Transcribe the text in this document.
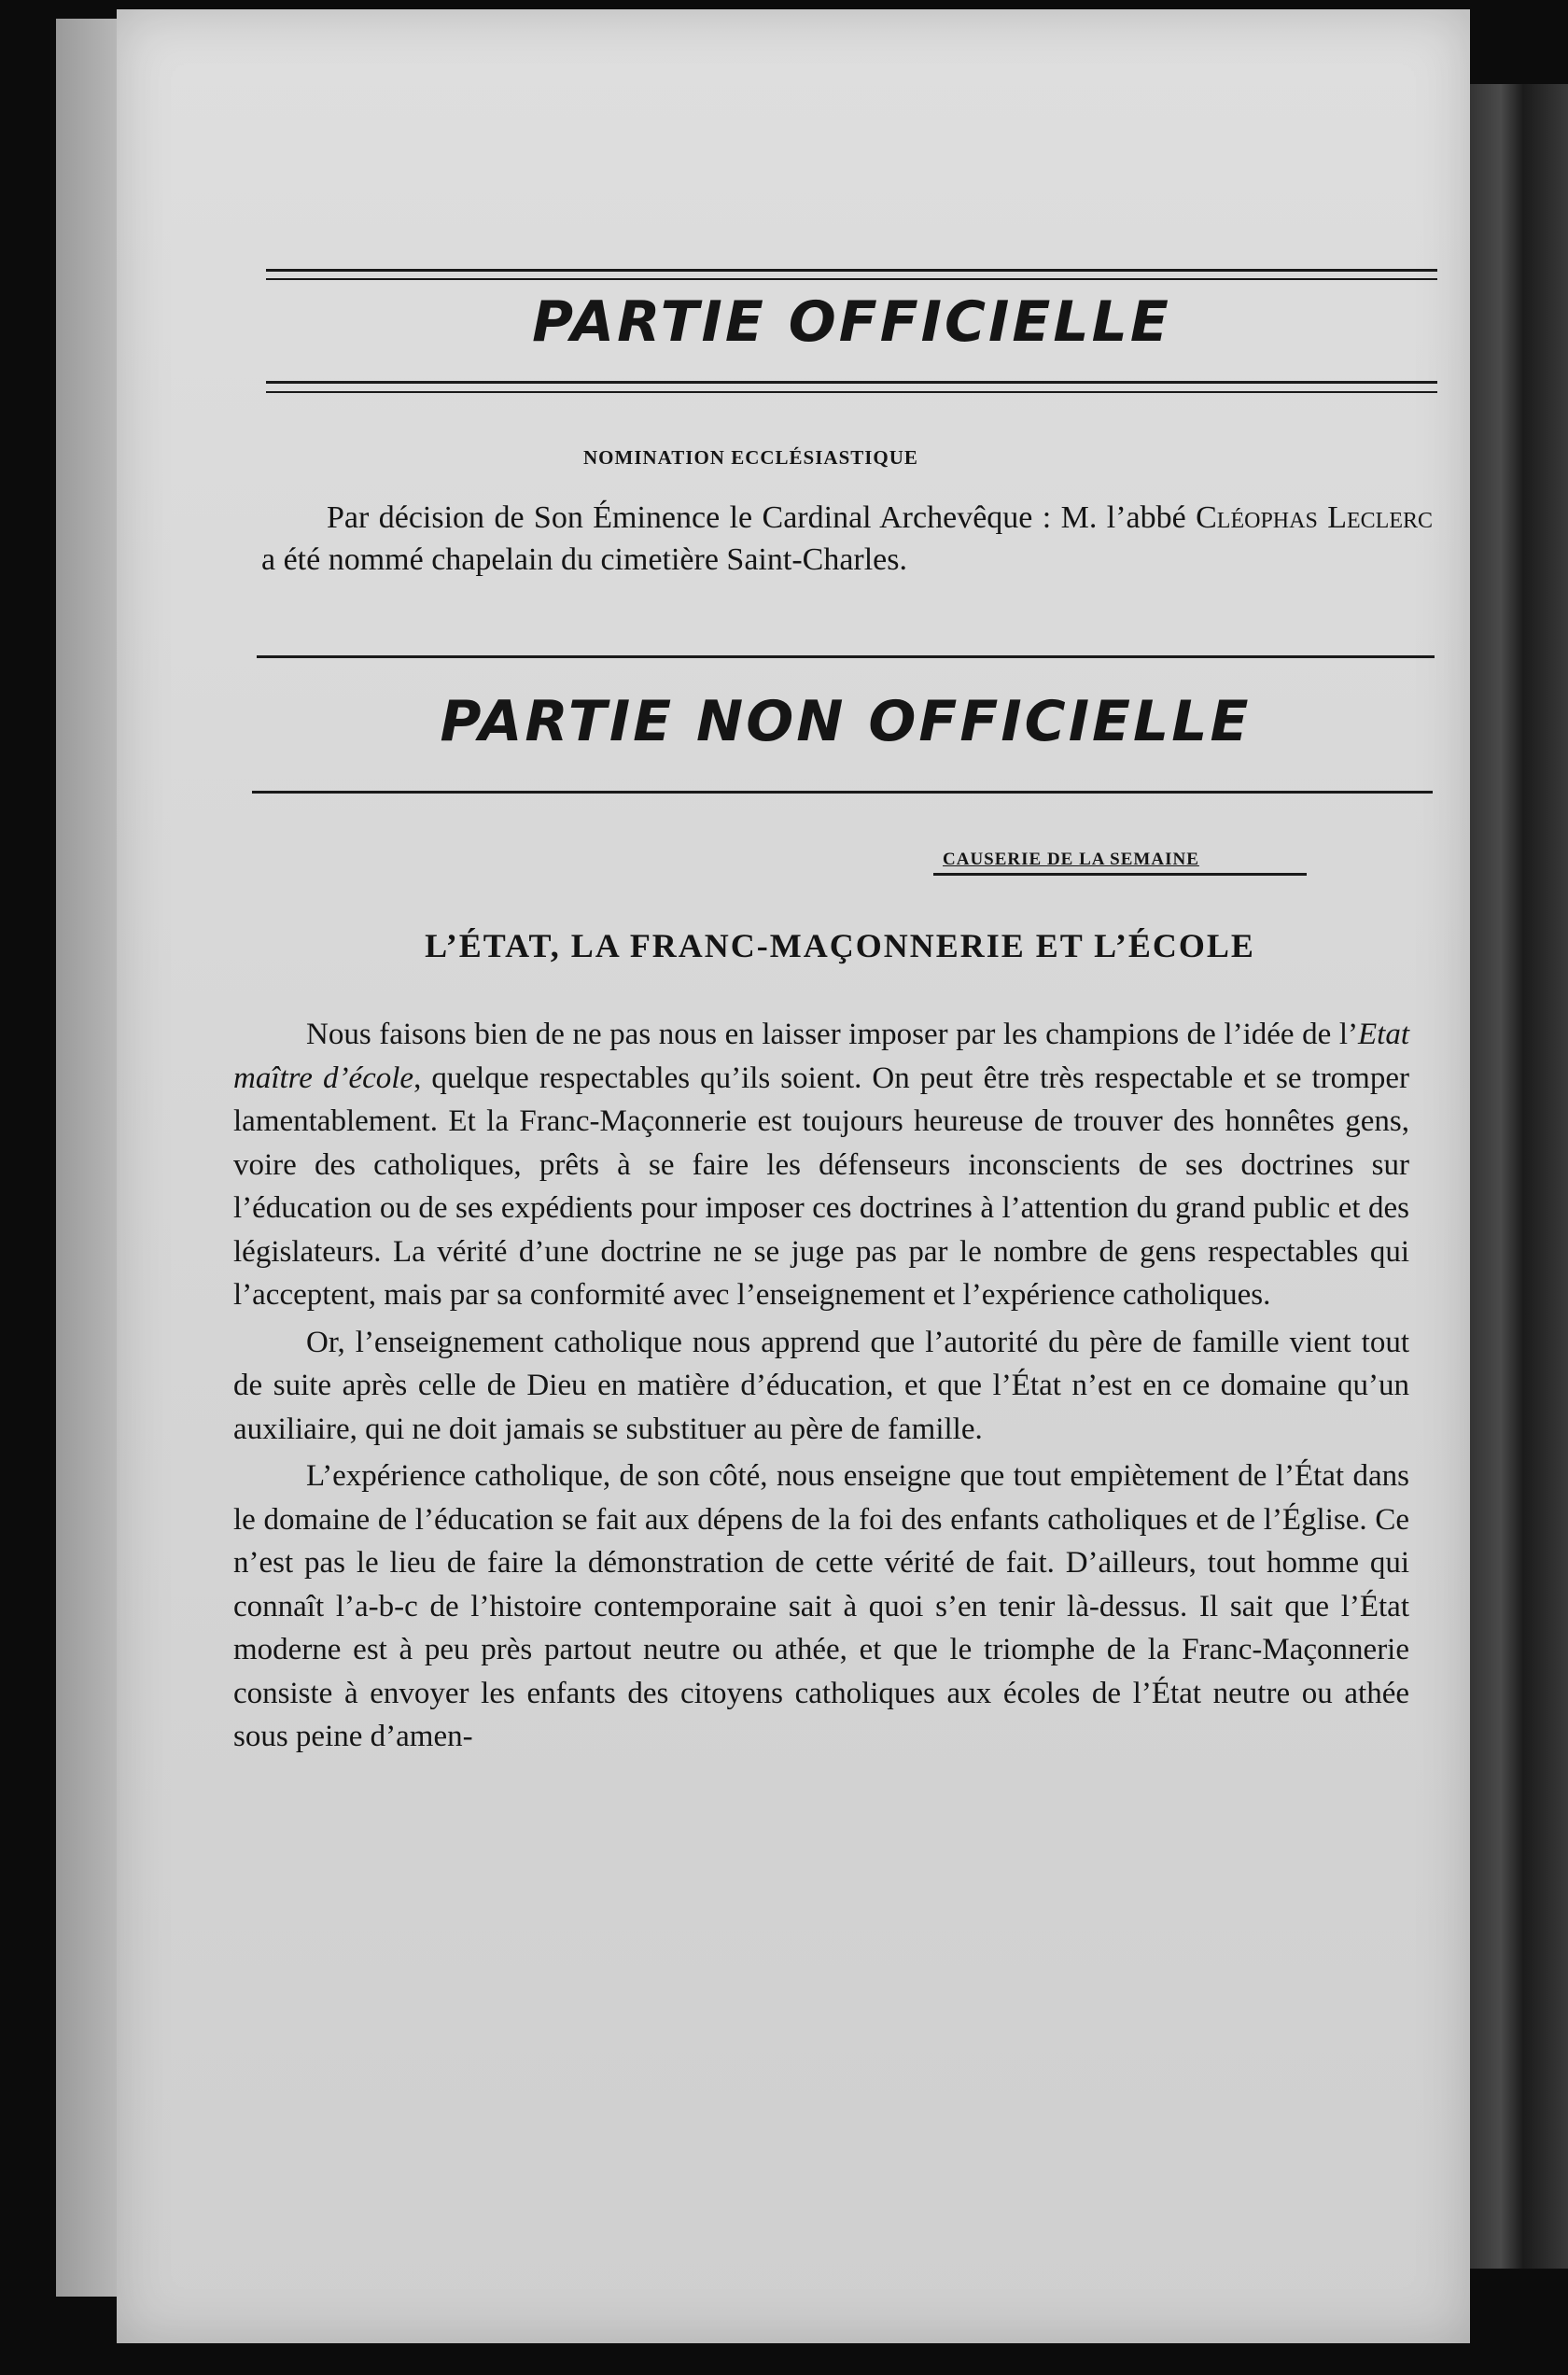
PARTIE OFFICIELLE
NOMINATION ECCLÉSIASTIQUE

Par décision de Son Éminence le Cardinal Archevêque : M. l’abbé Cléophas Leclerc a été nommé chapelain du cimetière Saint-Charles.

PARTIE NON OFFICIELLE
CAUSERIE DE LA SEMAINE
L’ÉTAT, LA FRANC-MAÇONNERIE ET L’ÉCOLE

Nous faisons bien de ne pas nous en laisser imposer par les champions de l’idée de l’Etat maître d’école, quelque respectables qu’ils soient. On peut être très respectable et se tromper lamentablement. Et la Franc-Maçonnerie est toujours heureuse de trouver des honnêtes gens, voire des catholiques, prêts à se faire les défenseurs inconscients de ses doctrines sur l’éducation ou de ses expédients pour imposer ces doctrines à l’attention du grand public et des législateurs. La vérité d’une doctrine ne se juge pas par le nombre de gens respectables qui l’acceptent, mais par sa conformité avec l’enseignement et l’expérience catholiques.

Or, l’enseignement catholique nous apprend que l’autorité du père de famille vient tout de suite après celle de Dieu en matière d’éducation, et que l’État n’est en ce domaine qu’un auxiliaire, qui ne doit jamais se substituer au père de famille.

L’expérience catholique, de son côté, nous enseigne que tout empiètement de l’État dans le domaine de l’éducation se fait aux dépens de la foi des enfants catholiques et de l’Église. Ce n’est pas le lieu de faire la démonstration de cette vérité de fait. D’ailleurs, tout homme qui connaît l’a-b-c de l’histoire contemporaine sait à quoi s’en tenir là-dessus. Il sait que l’État moderne est à peu près partout neutre ou athée, et que le triomphe de la Franc-Maçonnerie consiste à envoyer les enfants des citoyens catholiques aux écoles de l’État neutre ou athée sous peine d’amen-
